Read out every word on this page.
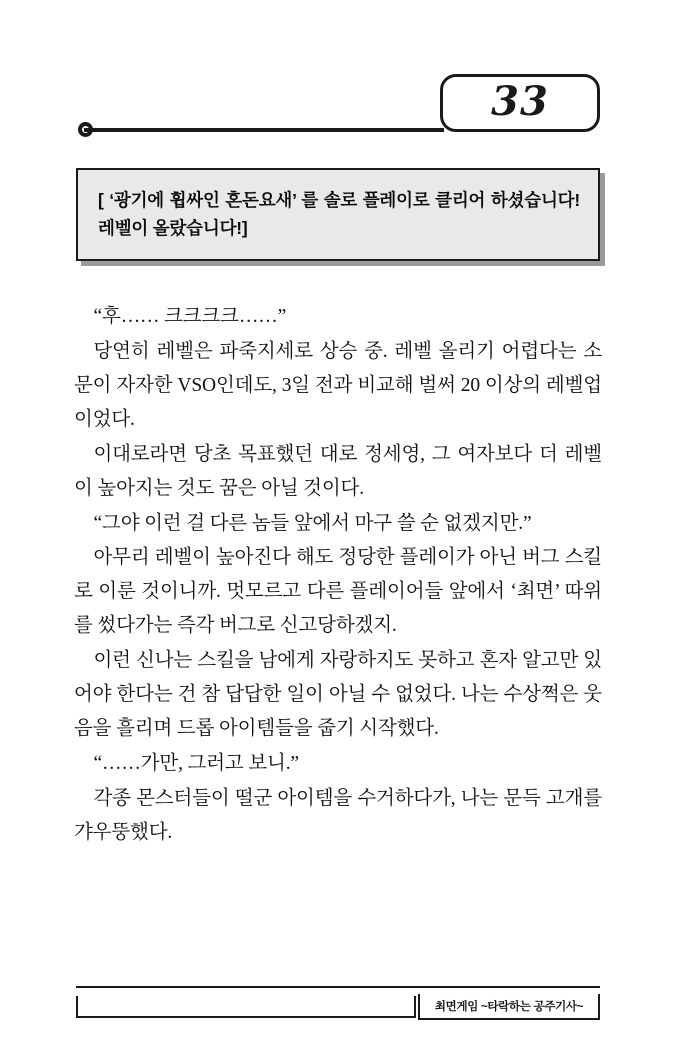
33

[ ‘광기에 휩싸인 혼돈요새’ 를 솔로 플레이로 클리어 하셨습니다! 레벨이 올랐습니다!]

“후…… 크크크크……”

당연히 레벨은 파죽지세로 상승 중. 레벨 올리기 어렵다는 소문이 자자한 VSO인데도, 3일 전과 비교해 벌써 20 이상의 레벨업이었다.

이대로라면 당초 목표했던 대로 정세영, 그 여자보다 더 레벨이 높아지는 것도 꿈은 아닐 것이다.

“그야 이런 걸 다른 놈들 앞에서 마구 쓸 순 없겠지만.”

아무리 레벨이 높아진다 해도 정당한 플레이가 아닌 버그 스킬로 이룬 것이니까. 멋모르고 다른 플레이어들 앞에서 ‘최면’ 따위를 썼다가는 즉각 버그로 신고당하겠지.

이런 신나는 스킬을 남에게 자랑하지도 못하고 혼자 알고만 있어야 한다는 건 참 답답한 일이 아닐 수 없었다. 나는 수상쩍은 웃음을 흘리며 드롭 아이템들을 줍기 시작했다.

“……가만, 그러고 보니.”

각종 몬스터들이 떨군 아이템을 수거하다가, 나는 문득 고개를 갸우뚱했다.

최면게임 ~타락하는 공주기사~
